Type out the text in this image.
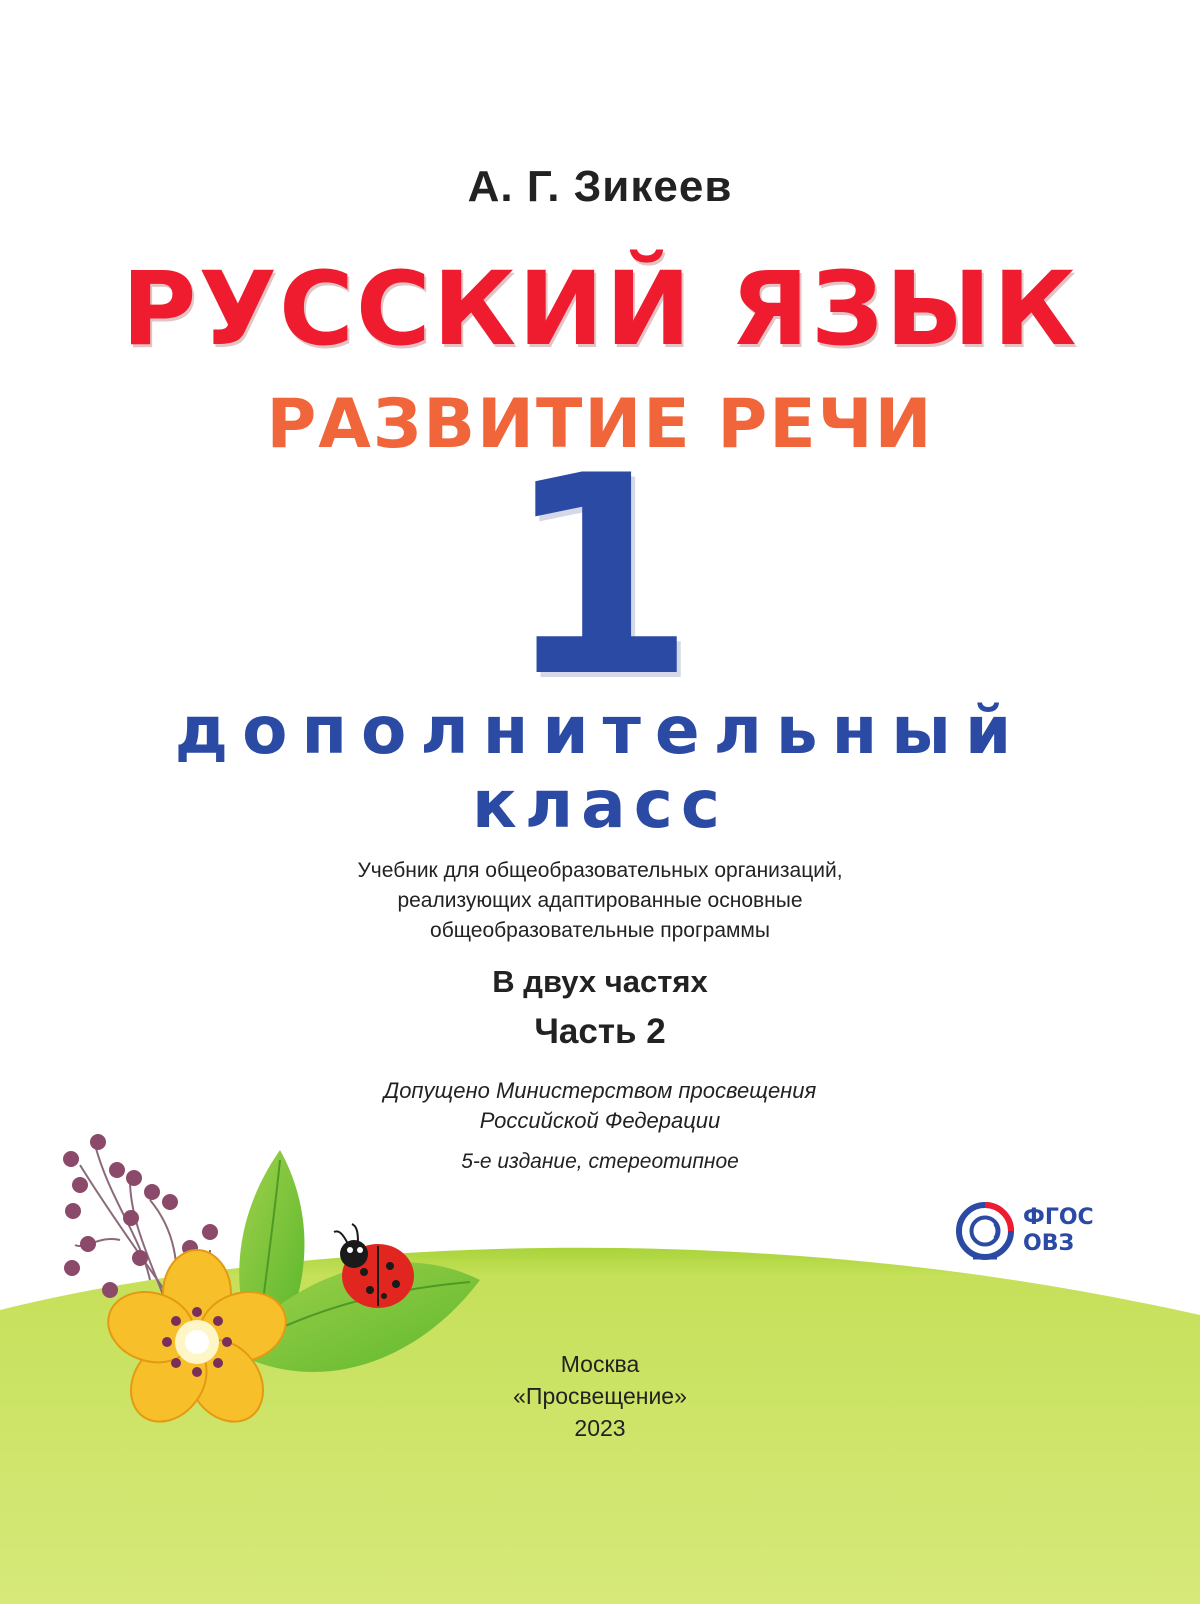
А. Г. Зикеев
РУССКИЙ ЯЗЫК
РАЗВИТИЕ РЕЧИ
1
дополнительный
класс
Учебник для общеобразовательных организаций,
реализующих адаптированные основные
общеобразовательные программы
В двух частях
Часть 2
Допущено Министерством просвещения
Российской Федерации
5-е издание, стереотипное
ФГОС
ОВЗ
Москва
«Просвещение»
2023
